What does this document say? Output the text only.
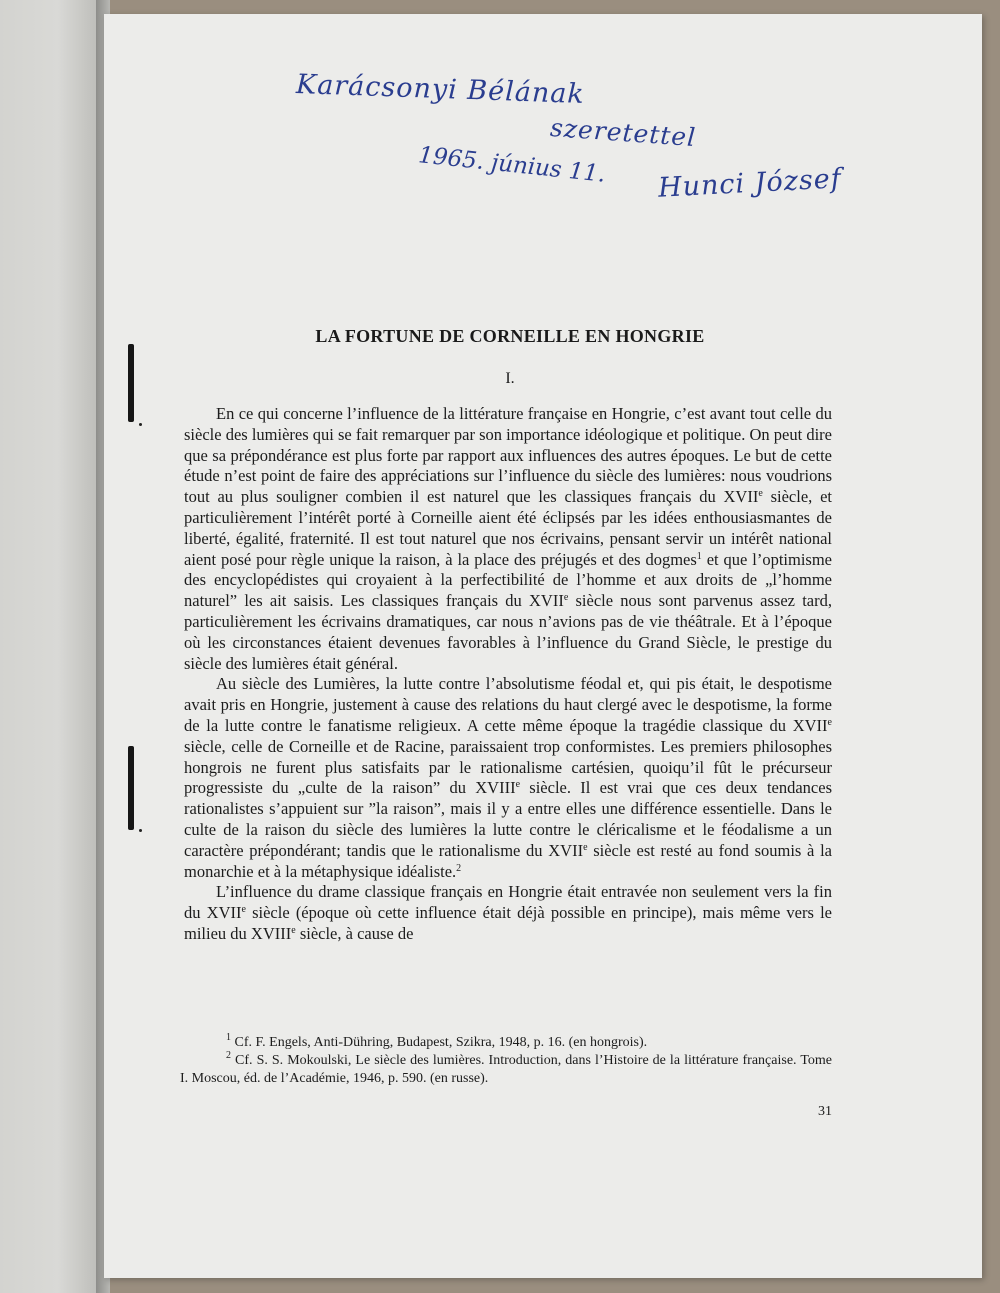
Karácsonyi Bélának
szeretettel
1965. június 11. Hunci József
LA FORTUNE DE CORNEILLE EN HONGRIE
I.

En ce qui concerne l’influence de la littérature française en Hongrie, c’est avant tout celle du siècle des lumières qui se fait remarquer par son importance idéologique et politique. On peut dire que sa prépondérance est plus forte par rapport aux influences des autres époques. Le but de cette étude n’est point de faire des appréciations sur l’influence du siècle des lumières: nous voudrions tout au plus souligner combien il est naturel que les classiques français du XVIIe siècle, et particulièrement l’intérêt porté à Corneille aient été éclipsés par les idées enthousiasmantes de liberté, égalité, fraternité. Il est tout naturel que nos écrivains, pensant servir un intérêt national aient posé pour règle unique la raison, à la place des préjugés et des dogmes$^1$ et que l’optimisme des encyclopédistes qui croyaient à la perfectibilité de l’homme et aux droits de „l’homme naturel” les ait saisis. Les classiques français du XVIIe siècle nous sont parvenus assez tard, particulièrement les écrivains dramatiques, car nous n’avions pas de vie théâtrale. Et à l’époque où les circonstances étaient devenues favorables à l’influence du Grand Siècle, le prestige du siècle des lumières était général.

Au siècle des Lumières, la lutte contre l’absolutisme féodal et, qui pis était, le despotisme avait pris en Hongrie, justement à cause des relations du haut clergé avec le despotisme, la forme de la lutte contre le fanatisme religieux. A cette même époque la tragédie classique du XVIIe siècle, celle de Corneille et de Racine, paraissaient trop conformistes. Les premiers philosophes hongrois ne furent plus satisfaits par le rationalisme cartésien, quoiqu’il fût le précurseur progressiste du „culte de la raison” du XVIIIe siècle. Il est vrai que ces deux tendances rationalistes s’appuient sur ”la raison”, mais il y a entre elles une différence essentielle. Dans le culte de la raison du siècle des lumières la lutte contre le cléricalisme et le féodalisme a un caractère prépondérant; tandis que le rationalisme du XVIIe siècle est resté au fond soumis à la monarchie et à la métaphysique idéaliste.$^2$

L’influence du drame classique français en Hongrie était entravée non seulement vers la fin du XVIIe siècle (époque où cette influence était déjà possible en principe), mais même vers le milieu du XVIIIe siècle, à cause de

$^1$ Cf. F. Engels, Anti-Dühring, Budapest, Szikra, 1948, p. 16. (en hongrois).

$^2$ Cf. S. S. Mokoulski, Le siècle des lumières. Introduction, dans l’Histoire de la littérature française. Tome I. Moscou, éd. de l’Académie, 1946, p. 590. (en russe).

31
